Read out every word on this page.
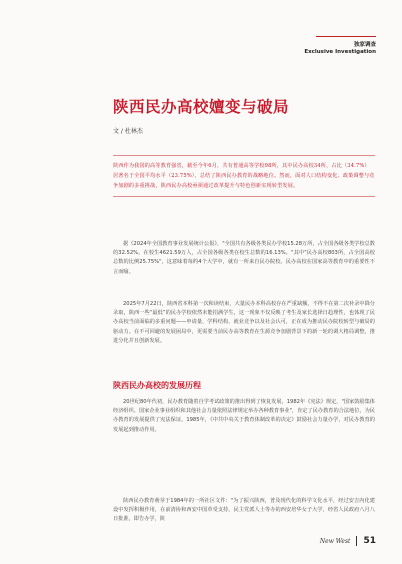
独家调查
Exclusive Investigation
陕西民办高校嬗变与破局
文 / 杜林杰
陕西作为我国的高等教育强省，截至今年6月，共有普通高等学校98所，其中民办高校34所，占比（34.7%）居著名于全国平均水平（23.75%），总结了陕西民办教育的战略地位。然而，面对人口结构变化、政策调整与竞争加剧的多重挑战，陕西民办高校亟须通过改革提升与特色创新实现转型发展。

据《2024年全国教育事业发展统计公报》，"全国共有各级各类民办学校15.28万所，占全国各级各类学校总数的32.52%。在校生4621.59万人，占全国各级各类在校生总数的16.13%。"其中"民办高校803所，占全国高校总数的比例25.75%"，这意味着每约4个大学中，就有一所来自民办院校。民办高校在国家高等教育中的重要性不言而喻。

2025年7月22日，陕西省本科第一次和读结束，大量民办本科高校存在严重缺额，不得不在第二次补录中降分录取，陕西一些“最低”的民办学校依然未能招满学生，这一现象不仅反映了考生及家长选择日趋理性，也体现了民办高校当前面临的多重问题——申请量、学科结构、就业竞争以及社会认可，正在成为推动民办院校转型与破局的驱动力。在不可回避的发展困局中，更需要当前民办高等教育在生源竞争加剧背景下的新一轮的调大格局调整，推进分化并且创新发展。

陕西民办高校的发展历程

20世纪80年代初，民办教育随着自学考试政策的推出得到了恢复发展，1982年《宪法》规定，"国家鼓励集体经济组织、国家企业事业组织和其他社会力量依照法律规定举办各种教育事业"，肯定了民办教育的合法地位，为民办教育的发展提供了宪法保证。1985年，《中共中央关于教育体制改革的决定》鼓励社会力量办学，对民办教育的发展起到推动作用。

陕西民办教育萌芽于1984年的一所社区文件："为了振兴陕西，普及现代化的科学文化水平，经过安吉内化建设中发挥积极作用，在前清协和西安中国草受支持，民主党派人士等办的西安培华女子大学，经省人民政府八月八日批准，即告办学，陕

New West 51
